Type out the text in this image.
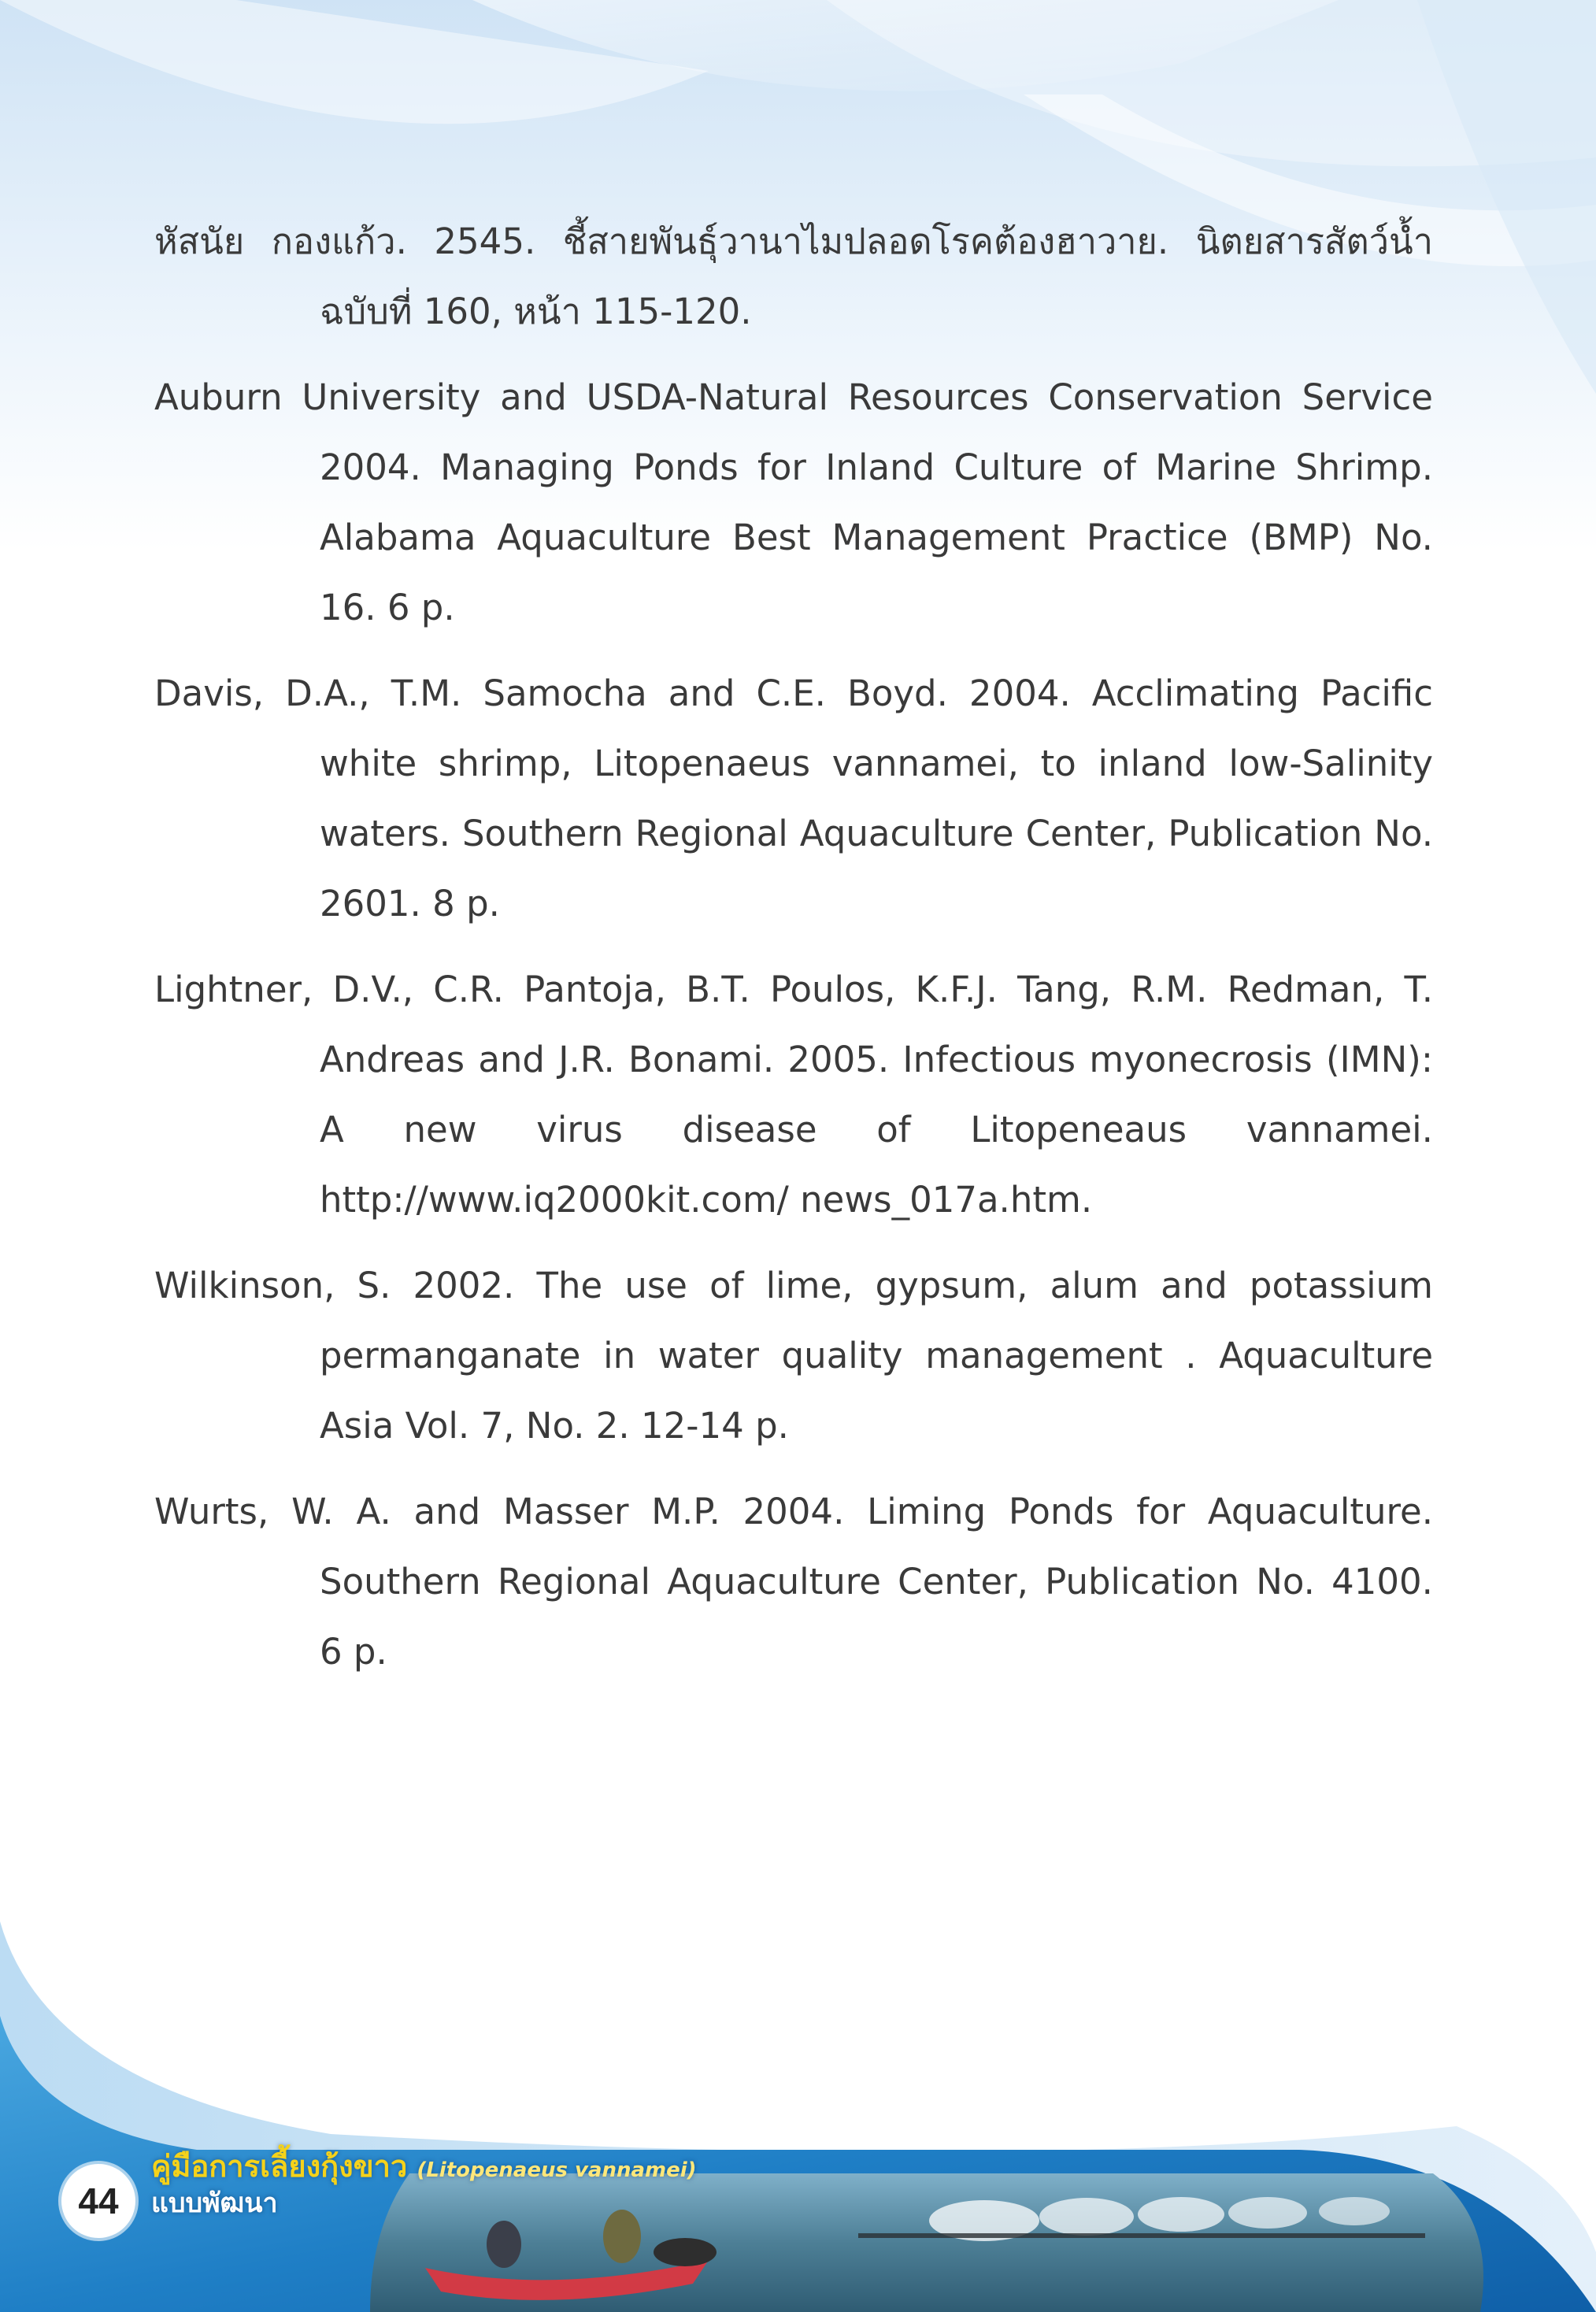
หัสนัย กองแก้ว. 2545. ชี้สายพันธุ์วานาไมปลอดโรคต้องฮาวาย. นิตยสารสัตว์น้ำ ฉบับที่ 160, หน้า 115-120.

Auburn University and USDA-Natural Resources Conservation Service 2004. Managing Ponds for Inland Culture of Marine Shrimp. Alabama Aquaculture Best Management Practice (BMP) No. 16. 6 p.

Davis, D.A., T.M. Samocha and C.E. Boyd. 2004. Acclimating Pacific white shrimp, Litopenaeus vannamei, to inland low-Salinity waters. Southern Regional Aquaculture Center, Publication No. 2601. 8 p.

Lightner, D.V., C.R. Pantoja, B.T. Poulos, K.F.J. Tang, R.M. Redman, T. Andreas and J.R. Bonami. 2005. Infectious myonecrosis (IMN): A new virus disease of Litopeneaus vannamei. http://www.iq2000kit.com/ news_017a.htm.

Wilkinson, S. 2002. The use of lime, gypsum, alum and potassium permanganate in water quality management . Aquaculture Asia Vol. 7, No. 2. 12-14 p.

Wurts, W. A. and Masser M.P. 2004. Liming Ponds for Aquaculture. Southern Regional Aquaculture Center, Publication No. 4100. 6 p.

44
คู่มือการเลี้ยงกุ้งขาว (Litopenaeus vannamei)
แบบพัฒนา
